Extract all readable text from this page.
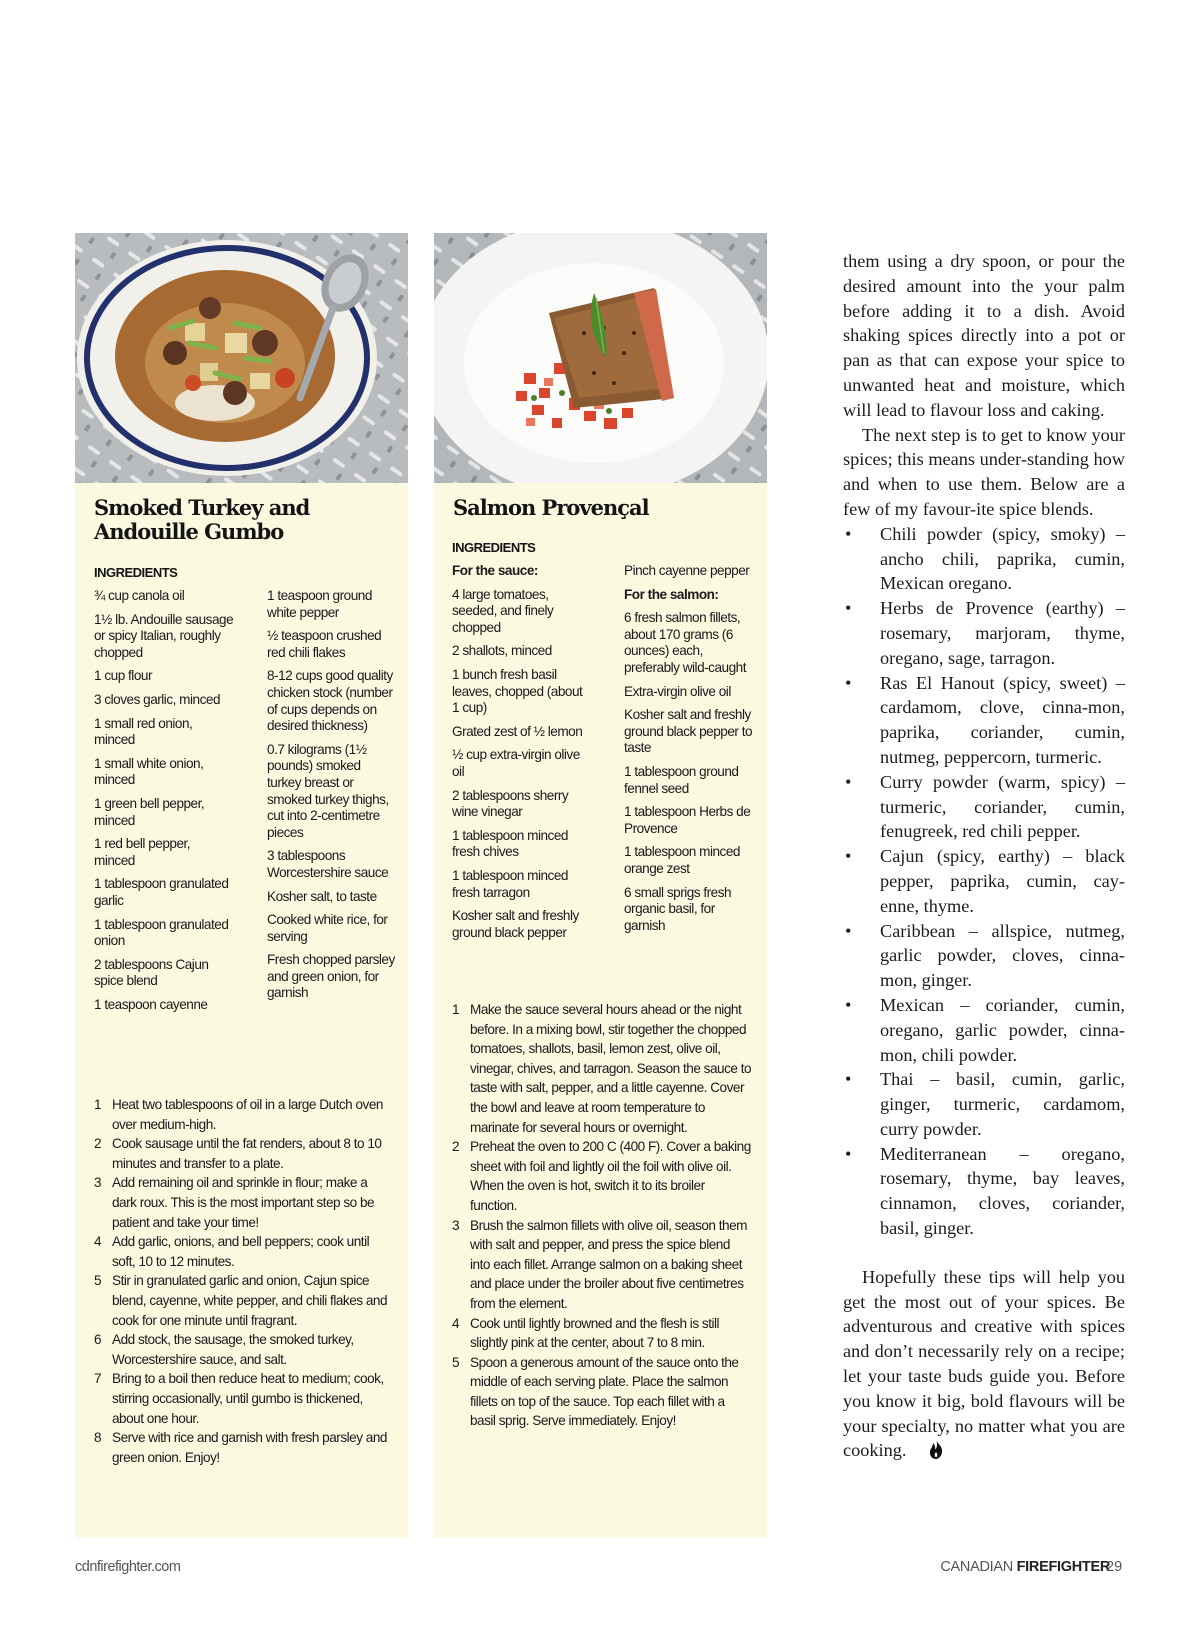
Smoked Turkey and Andouille Gumbo
INGREDIENTS

¾ cup canola oil

1½ lb. Andouille sausage or spicy Italian, roughly chopped

1 cup flour

3 cloves garlic, minced

1 small red onion, minced

1 small white onion, minced

1 green bell pepper, minced

1 red bell pepper, minced

1 tablespoon granulated garlic

1 tablespoon granulated onion

2 tablespoons Cajun spice blend

1 teaspoon cayenne

1 teaspoon ground white pepper

½ teaspoon crushed red chili flakes

8-12 cups good quality chicken stock (number of cups depends on desired thickness)

0.7 kilograms (1½ pounds) smoked turkey breast or smoked turkey thighs, cut into 2-centimetre pieces

3 tablespoons Worcestershire sauce

Kosher salt, to taste

Cooked white rice, for serving

Fresh chopped parsley and green onion, for garnish

1 Heat two tablespoons of oil in a large Dutch oven over medium-high.
2 Cook sausage until the fat renders, about 8 to 10 minutes and transfer to a plate.
3 Add remaining oil and sprinkle in flour; make a dark roux. This is the most important step so be patient and take your time!
4 Add garlic, onions, and bell peppers; cook until soft, 10 to 12 minutes.
5 Stir in granulated garlic and onion, Cajun spice blend, cayenne, white pepper, and chili flakes and cook for one minute until fragrant.
6 Add stock, the sausage, the smoked turkey, Worcestershire sauce, and salt.
7 Bring to a boil then reduce heat to medium; cook, stirring occasionally, until gumbo is thickened, about one hour.
8 Serve with rice and garnish with fresh parsley and green onion. Enjoy!
Salmon Provençal
INGREDIENTS

For the sauce:

4 large tomatoes, seeded, and finely chopped

2 shallots, minced

1 bunch fresh basil leaves, chopped (about 1 cup)

Grated zest of ½ lemon

½ cup extra-virgin olive oil

2 tablespoons sherry wine vinegar

1 tablespoon minced fresh chives

1 tablespoon minced fresh tarragon

Kosher salt and freshly ground black pepper

Pinch cayenne pepper

For the salmon:

6 fresh salmon fillets, about 170 grams (6 ounces) each, preferably wild-caught

Extra-virgin olive oil

Kosher salt and freshly ground black pepper to taste

1 tablespoon ground fennel seed

1 tablespoon Herbs de Provence

1 tablespoon minced orange zest

6 small sprigs fresh organic basil, for garnish

1 Make the sauce several hours ahead or the night before. In a mixing bowl, stir together the chopped tomatoes, shallots, basil, lemon zest, olive oil, vinegar, chives, and tarragon. Season the sauce to taste with salt, pepper, and a little cayenne. Cover the bowl and leave at room temperature to marinate for several hours or overnight.
2 Preheat the oven to 200 C (400 F). Cover a baking sheet with foil and lightly oil the foil with olive oil. When the oven is hot, switch it to its broiler function.
3 Brush the salmon fillets with olive oil, season them with salt and pepper, and press the spice blend into each fillet. Arrange salmon on a baking sheet and place under the broiler about five centimetres from the element.
4 Cook until lightly browned and the flesh is still slightly pink at the center, about 7 to 8 min.
5 Spoon a generous amount of the sauce onto the middle of each serving plate. Place the salmon fillets on top of the sauce. Top each fillet with a basil sprig. Serve immediately. Enjoy!

them using a dry spoon, or pour the desired amount into the your palm before adding it to a dish. Avoid shaking spices directly into a pot or pan as that can expose your spice to unwanted heat and moisture, which will lead to flavour loss and caking.

The next step is to get to know your spices; this means under-standing how and when to use them. Below are a few of my favour-ite spice blends.

• Chili powder (spicy, smoky) – ancho chili, paprika, cumin, Mexican oregano.
• Herbs de Provence (earthy) – rosemary, marjoram, thyme, oregano, sage, tarragon.
• Ras El Hanout (spicy, sweet) – cardamom, clove, cinna-mon, paprika, coriander, cumin, nutmeg, peppercorn, turmeric.
• Curry powder (warm, spicy) – turmeric, coriander, cumin, fenugreek, red chili pepper.
• Cajun (spicy, earthy) – black pepper, paprika, cumin, cay-enne, thyme.
• Caribbean – allspice, nutmeg, garlic powder, cloves, cinna-mon, ginger.
• Mexican – coriander, cumin, oregano, garlic powder, cinna-mon, chili powder.
• Thai – basil, cumin, garlic, ginger, turmeric, cardamom, curry powder.
• Mediterranean – oregano, rosemary, thyme, bay leaves, cinnamon, cloves, coriander, basil, ginger.

Hopefully these tips will help you get the most out of your spices. Be adventurous and creative with spices and don’t necessarily rely on a recipe; let your taste buds guide you. Before you know it big, bold flavours will be your specialty, no matter what you are cooking.

cdnfirefighter.com	CANADIAN FIREFIGHTER
29
